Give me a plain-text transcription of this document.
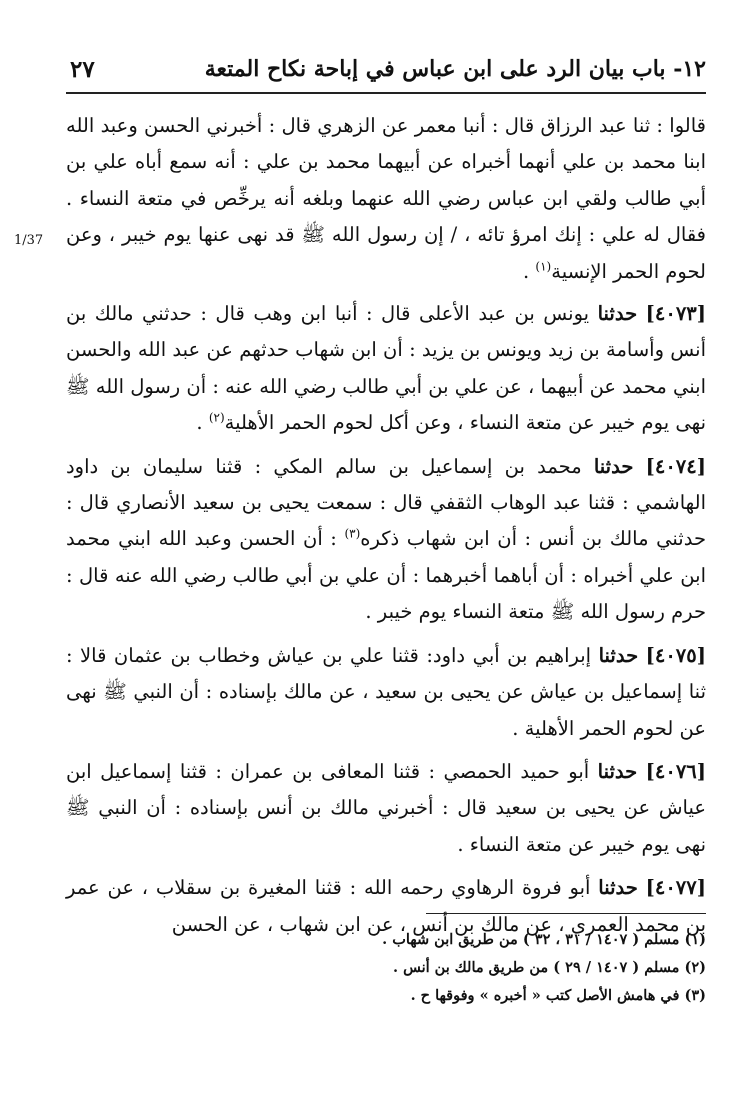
٢٧	١٢- باب بيان الرد على ابن عباس في إباحة نكاح المتعة
1/37

قالوا : ثنا عبد الرزاق قال : أنبا معمر عن الزهري قال : أخبرني الحسن وعبد الله ابنا محمد بن علي أنهما أخبراه عن أبيهما محمد بن علي : أنه سمع أباه علي بن أبي طالب ولقي ابن عباس رضي الله عنهما وبلغه أنه يرخِّص في متعة النساء . فقال له علي : إنك امرؤ تائه ، / إن رسول الله ﷺ قد نهى عنها يوم خيبر ، وعن لحوم الحمر الإنسية$^{(١)}$ .

[٤٠٧٣] حدثنا يونس بن عبد الأعلى قال : أنبا ابن وهب قال : حدثني مالك بن أنس وأسامة بن زيد ويونس بن يزيد : أن ابن شهاب حدثهم عن عبد الله والحسن ابني محمد عن أبيهما ، عن علي بن أبي طالب رضي الله عنه : أن رسول الله ﷺ نهى يوم خيبر عن متعة النساء ، وعن أكل لحوم الحمر الأهلية$^{(٢)}$ .

[٤٠٧٤] حدثنا محمد بن إسماعيل بن سالم المكي : قثنا سليمان بن داود الهاشمي : قثنا عبد الوهاب الثقفي قال : سمعت يحيى بن سعيد الأنصاري قال : حدثني مالك بن أنس : أن ابن شهاب ذكره$^{(٣)}$ : أن الحسن وعبد الله ابني محمد ابن علي أخبراه : أن أباهما أخبرهما : أن علي بن أبي طالب رضي الله عنه قال : حرم رسول الله ﷺ متعة النساء يوم خيبر .

[٤٠٧٥] حدثنا إبراهيم بن أبي داود: قثنا علي بن عياش وخطاب بن عثمان قالا : ثنا إسماعيل بن عياش عن يحيى بن سعيد ، عن مالك بإسناده : أن النبي ﷺ نهى عن لحوم الحمر الأهلية .

[٤٠٧٦] حدثنا أبو حميد الحمصي : قثنا المعافى بن عمران : قثنا إسماعيل ابن عياش عن يحيى بن سعيد قال : أخبرني مالك بن أنس بإسناده : أن النبي ﷺ نهى يوم خيبر عن متعة النساء .

[٤٠٧٧] حدثنا أبو فروة الرهاوي رحمه الله : قثنا المغيرة بن سقلاب ، عن عمر بن محمد العمري ، عن مالك بن أنس ، عن ابن شهاب ، عن الحسن

(١) مسلم ( ١٤٠٧ / ٣١ ، ٣٢ ) من طريق ابن شهاب .

(٢) مسلم ( ١٤٠٧ / ٢٩ ) من طريق مالك بن أنس .

(٣) في هامش الأصل كتب « أخبره » وفوقها ح .
